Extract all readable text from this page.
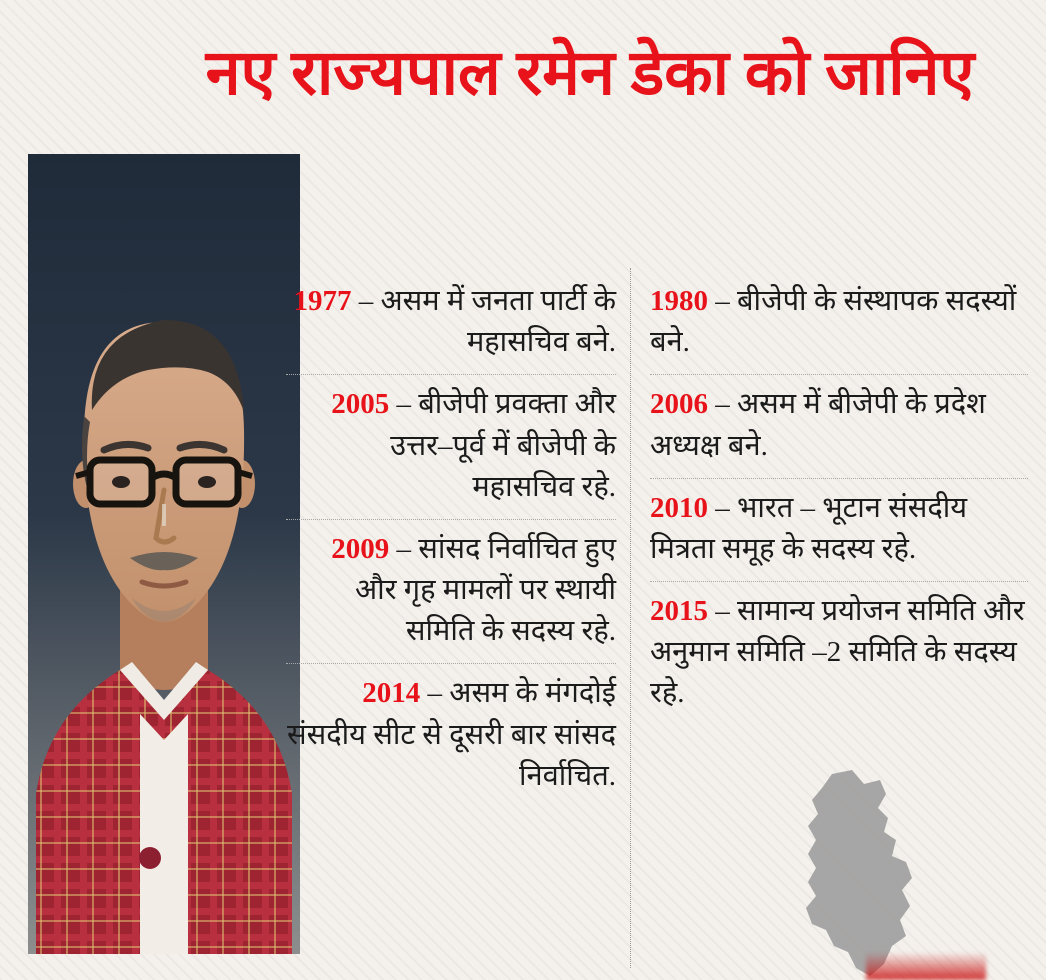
नए राज्यपाल रमेन डेका को जानिए
1977 – असम में जनता पार्टी के महासचिव बने.
2005 – बीजेपी प्रवक्ता और उत्तर–पूर्व में बीजेपी के महासचिव रहे.
2009 – सांसद निर्वाचित हुए और गृह मामलों पर स्थायी समिति के सदस्य रहे.
2014 – असम के मंगदोई संसदीय सीट से दूसरी बार सांसद निर्वाचित.
1980 – बीजेपी के संस्थापक सदस्यों बने.
2006 – असम में बीजेपी के प्रदेश अध्यक्ष बने.
2010 – भारत – भूटान संसदीय मित्रता समूह के सदस्य रहे.
2015 – सामान्य प्रयोजन समिति और अनुमान समिति –2 समिति के सदस्य रहे.
